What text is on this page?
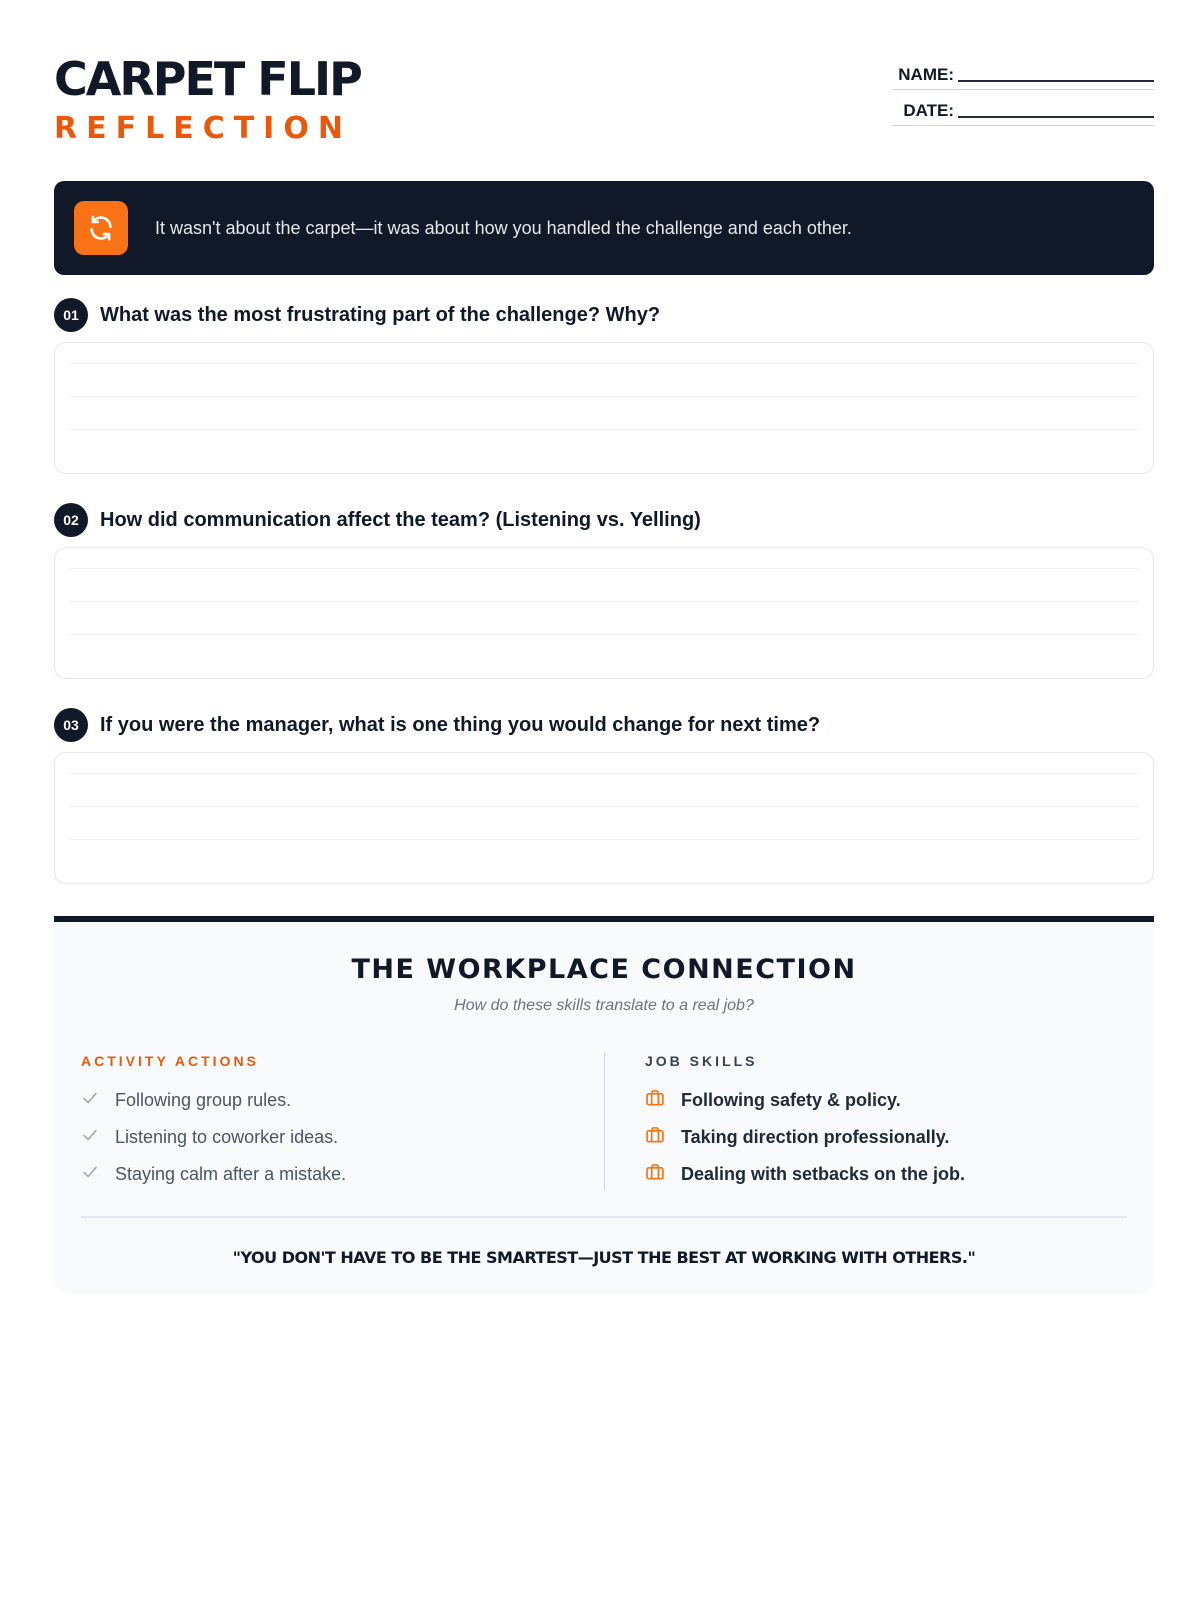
CARPET FLIP
REFLECTION
NAME:
DATE:
It wasn't about the carpet—it was about how you handled the challenge and each other.
01	What was the most frustrating part of the challenge? Why?
02	How did communication affect the team? (Listening vs. Yelling)
03	If you were the manager, what is one thing you would change for next time?
THE WORKPLACE CONNECTION
How do these skills translate to a real job?
ACTIVITY ACTIONS
Following group rules.
Listening to coworker ideas.
Staying calm after a mistake.
JOB SKILLS
Following safety & policy.
Taking direction professionally.
Dealing with setbacks on the job.
"YOU DON'T HAVE TO BE THE SMARTEST—JUST THE BEST AT WORKING WITH OTHERS."
